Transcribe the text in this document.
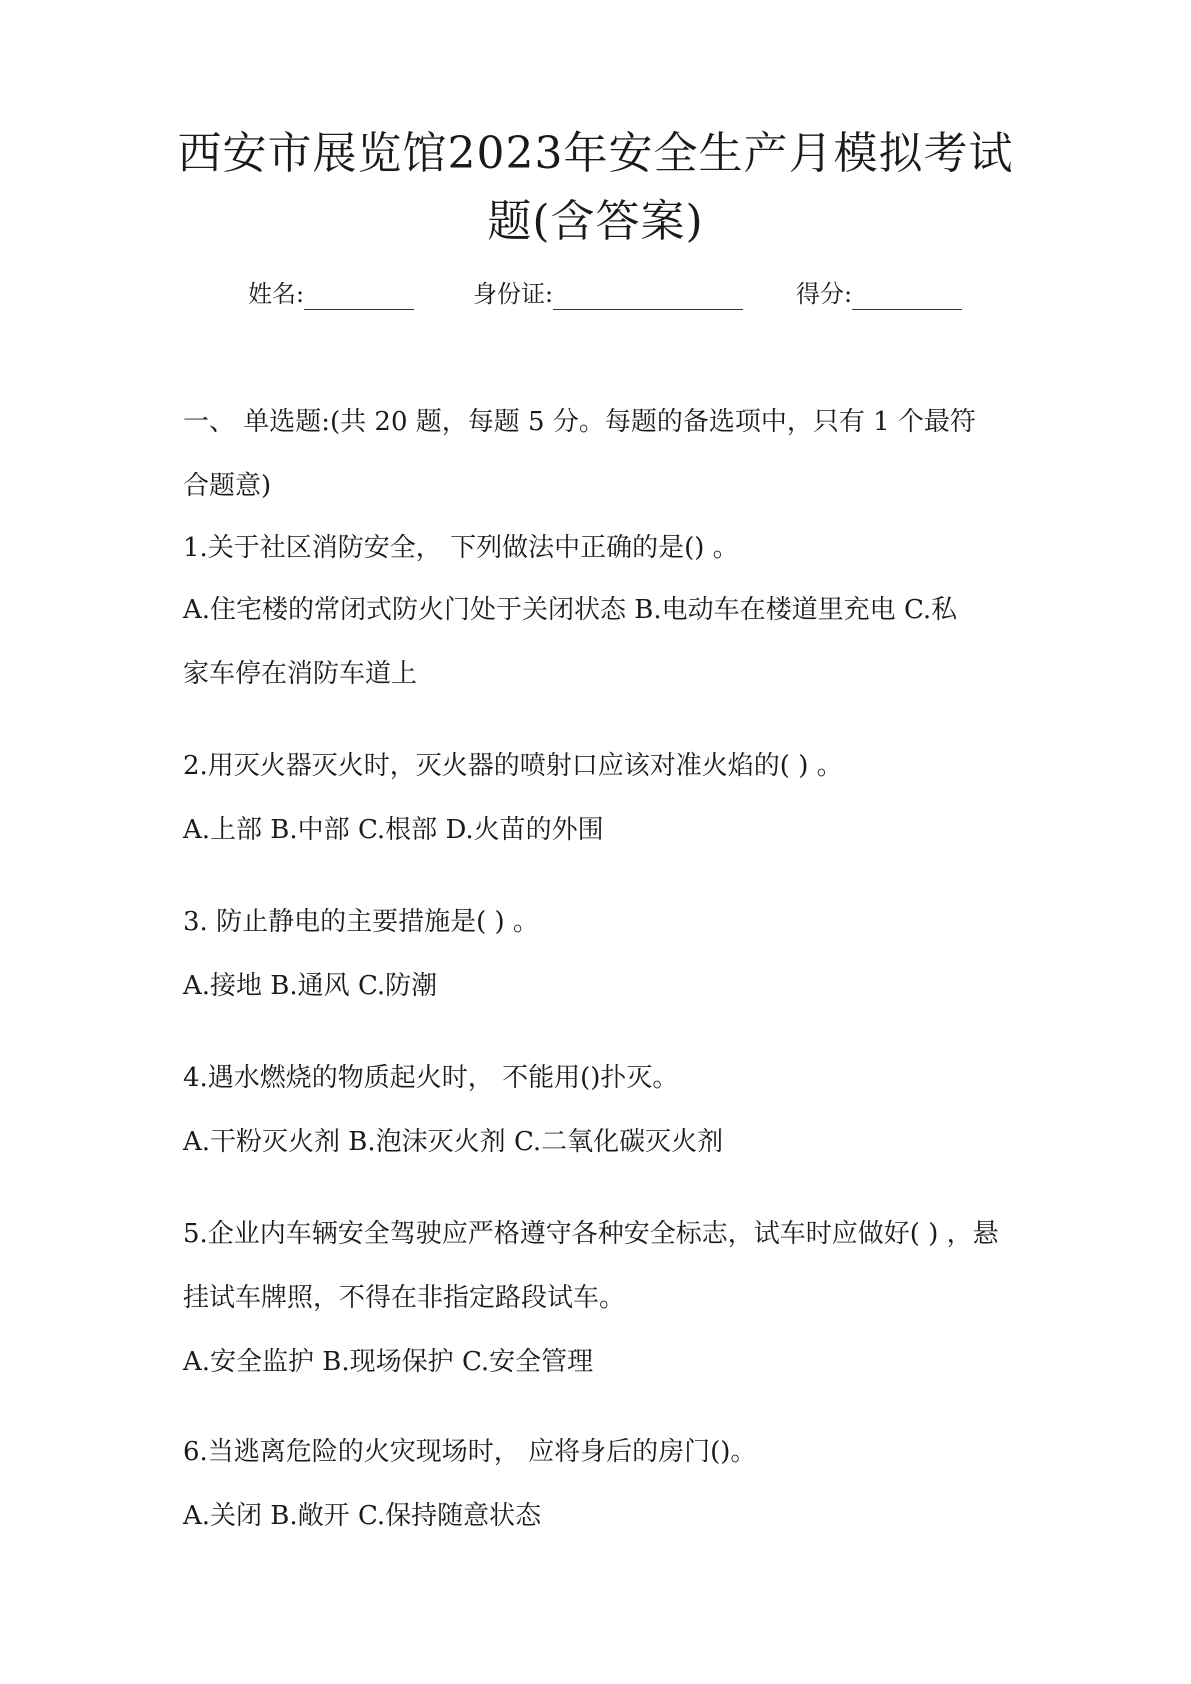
西安市展览馆2023年安全生产月模拟考试
题(含答案)
姓名:	身份证:	得分:
一、 单选题:(共 20 题，每题 5 分。每题的备选项中，只有 1 个最符
合题意)
1.关于社区消防安全， 下列做法中正确的是() 。
A.住宅楼的常闭式防火门处于关闭状态 B.电动车在楼道里充电 C.私
家车停在消防车道上
2.用灭火器灭火时，灭火器的喷射口应该对准火焰的( ) 。
A.上部 B.中部 C.根部 D.火苗的外围
3. 防止静电的主要措施是( ) 。
A.接地 B.通风 C.防潮
4.遇水燃烧的物质起火时， 不能用()扑灭。
A.干粉灭火剂 B.泡沫灭火剂 C.二氧化碳灭火剂
5.企业内车辆安全驾驶应严格遵守各种安全标志，试车时应做好( ) ，悬
挂试车牌照，不得在非指定路段试车。
A.安全监护 B.现场保护 C.安全管理
6.当逃离危险的火灾现场时， 应将身后的房门()。
A.关闭 B.敞开 C.保持随意状态
